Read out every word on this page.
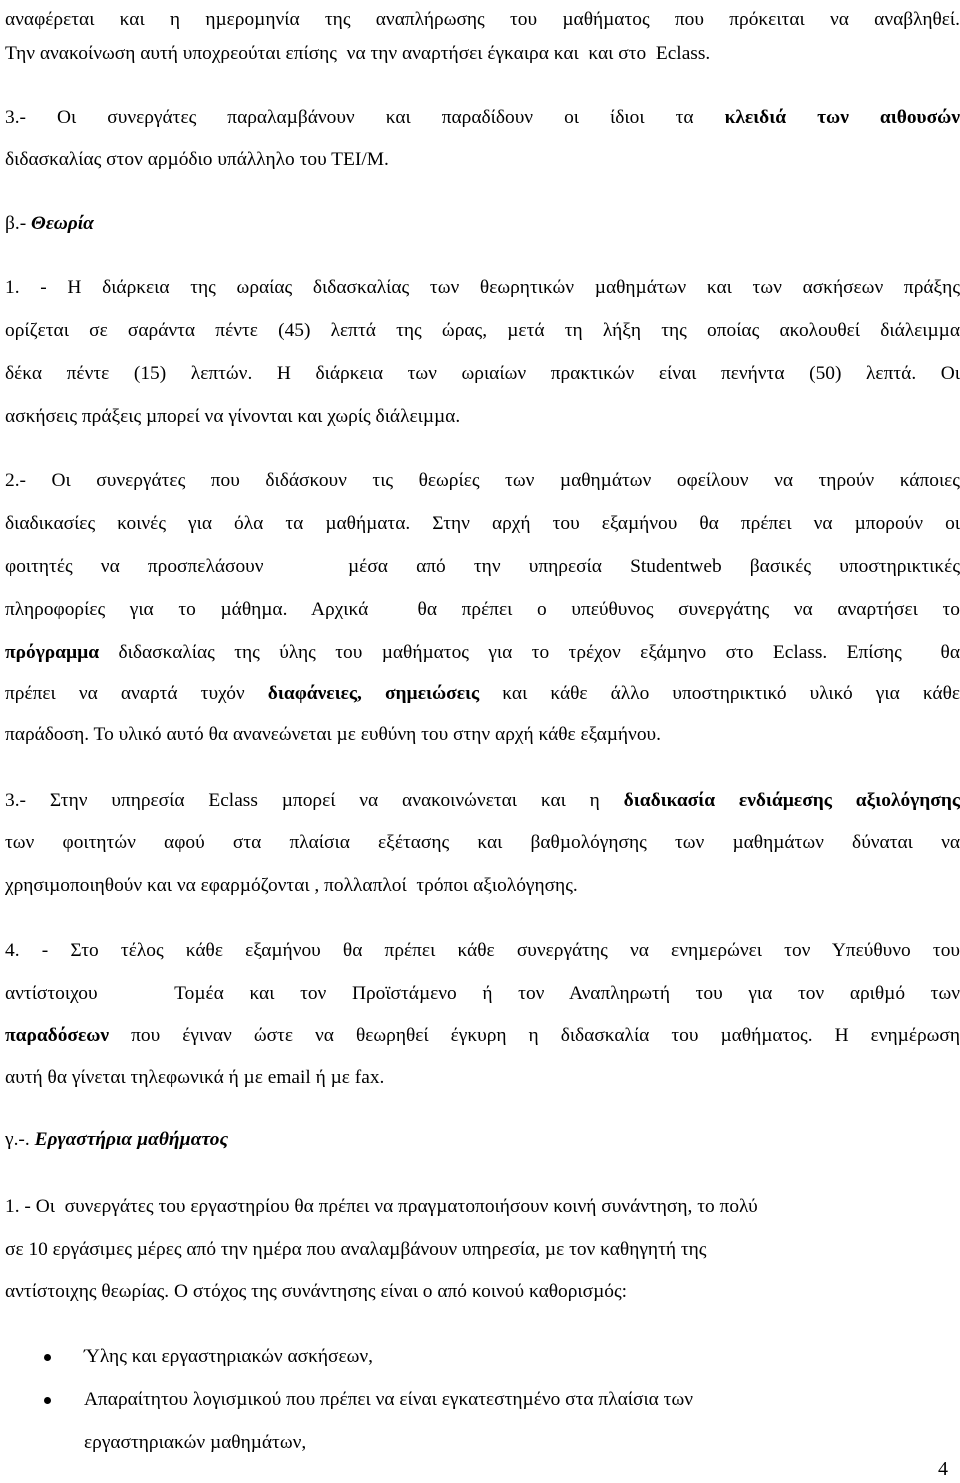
αναφέρεται και η ηµεροµηνία της αναπλήρωσης του µαθήµατος που πρόκειται να αναβληθεί.
Την ανακοίνωση αυτή υποχρεούται επίσης  να την αναρτήσει έγκαιρα και  και στο  Eclass.
3.- Οι συνεργάτες παραλαµβάνουν και παραδίδουν οι ίδιοι τα κλειδιά των αιθουσών
διδασκαλίας στον αρµόδιο υπάλληλο του ΤΕΙ/Μ.
β.- Θεωρία
1. - Η διάρκεια της ωραίας διδασκαλίας των θεωρητικών µαθηµάτων και των ασκήσεων πράξης
ορίζεται σε σαράντα πέντε (45) λεπτά της ώρας, µετά τη λήξη της οποίας ακολουθεί διάλειµµα
δέκα πέντε (15) λεπτών. Η διάρκεια των ωριαίων πρακτικών είναι πενήντα (50) λεπτά. Οι
ασκήσεις πράξεις µπορεί να γίνονται και χωρίς διάλειµµα.
2.- Οι συνεργάτες που διδάσκουν τις θεωρίες των µαθηµάτων οφείλουν να τηρούν κάποιες
διαδικασίες κοινές για όλα τα µαθήµατα. Στην αρχή του εξαµήνου θα πρέπει να µπορούν οι
φοιτητές να προσπελάσουν   µέσα από την υπηρεσία Studentweb βασικές υποστηρικτικές
πληροφορίες για το µάθηµα. Αρχικά  θα πρέπει ο υπεύθυνος συνεργάτης να αναρτήσει το
πρόγραµµα διδασκαλίας της ύλης του µαθήµατος για το τρέχον εξάµηνο στο Eclass. Επίσης  θα
πρέπει να αναρτά τυχόν διαφάνειες, σηµειώσεις και κάθε άλλο υποστηρικτικό υλικό για κάθε
παράδοση. Το υλικό αυτό θα ανανεώνεται µε ευθύνη του στην αρχή κάθε εξαµήνου.
3.- Στην υπηρεσία Eclass µπορεί να ανακοινώνεται και η διαδικασία ενδιάµεσης αξιολόγησης
των φοιτητών αφού στα πλαίσια εξέτασης και βαθµολόγησης των µαθηµάτων δύναται να
χρησιµοποιηθούν και να εφαρµόζονται , πολλαπλοί  τρόποι αξιολόγησης.
4. - Στο τέλος κάθε εξαµήνου θα πρέπει κάθε συνεργάτης να ενηµερώνει τον Υπεύθυνο του
αντίστοιχου   Τοµέα και τον Προϊστάµενο ή τον Αναπληρωτή του για τον αριθµό των
παραδόσεων που έγιναν ώστε να θεωρηθεί έγκυρη η διδασκαλία του µαθήµατος. Η ενηµέρωση
αυτή θα γίνεται τηλεφωνικά ή µε email ή µε fax.
γ.-. Εργαστήρια µαθήµατος
1. - Οι  συνεργάτες του εργαστηρίου θα πρέπει να πραγµατοποιήσουν κοινή συνάντηση, το πολύ
σε 10 εργάσιµες µέρες από την ηµέρα που αναλαµβάνουν υπηρεσία, µε τον καθηγητή της
αντίστοιχης θεωρίας. Ο στόχος της συνάντησης είναι ο από κοινού καθορισµός:
Ύλης και εργαστηριακών ασκήσεων,
Απαραίτητου λογισµικού που πρέπει να είναι εγκατεστηµένο στα πλαίσια των
εργαστηριακών µαθηµάτων,
4
